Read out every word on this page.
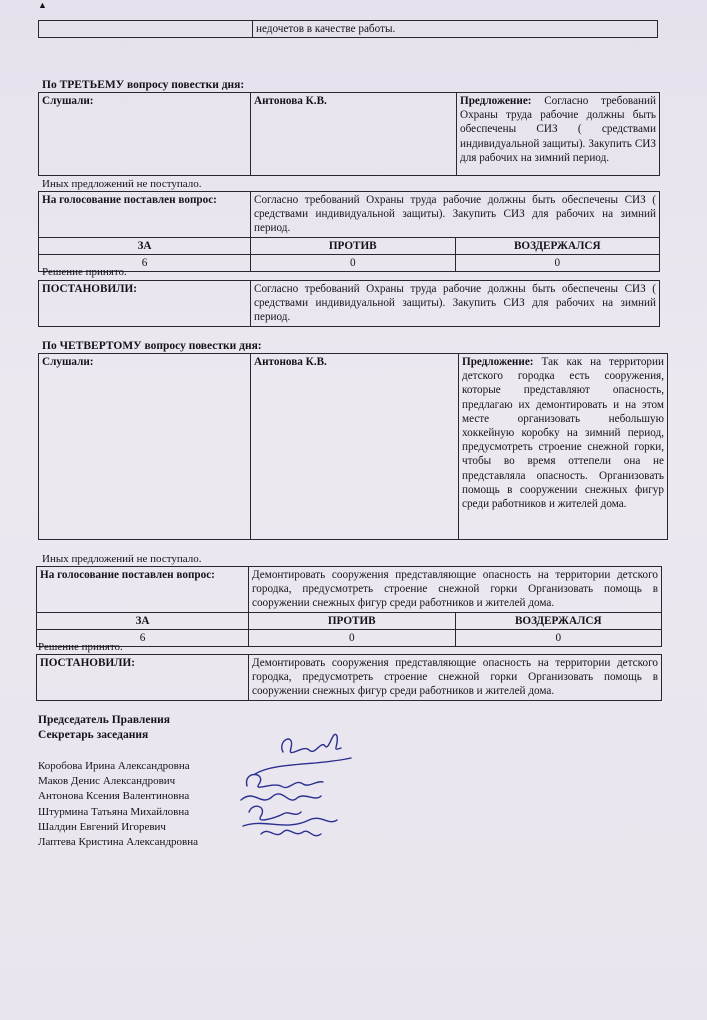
▲
	недочетов в качестве работы.
По ТРЕТЬЕМУ вопросу повестки дня:
Слушали:	Антонова К.В.	Предложение: Согласно требований Охраны труда рабочие должны быть обеспечены СИЗ ( средствами индивидуальной защиты). Закупить СИЗ для рабочих на зимний период.
Иных предложений не поступало.
На голосование поставлен вопрос:	Согласно требований Охраны труда рабочие должны быть обеспечены СИЗ ( средствами индивидуальной защиты). Закупить СИЗ для рабочих на зимний период.	
ЗА	ПРОТИВ	ВОЗДЕРЖАЛСЯ
6	0	0
Решение принято.
ПОСТАНОВИЛИ:	Согласно требований Охраны труда рабочие должны быть обеспечены СИЗ ( средствами индивидуальной защиты). Закупить СИЗ для рабочих на зимний период.
По ЧЕТВЕРТОМУ вопросу повестки дня:
Слушали:	Антонова К.В.	Предложение: Так как на территории детского городка есть сооружения, которые представляют опасность, предлагаю их демонтировать и на этом месте организовать небольшую хоккейную коробку на зимний период, предусмотреть строение снежной горки, чтобы во время оттепели она не представляла опасность. Организовать помощь в сооружении снежных фигур среди работников и жителей дома.
Иных предложений не поступало.
На голосование поставлен вопрос:	Демонтировать сооружения представляющие опасность на территории детского городка, предусмотреть строение снежной горки Организовать помощь в сооружении снежных фигур среди работников и жителей дома.	
ЗА	ПРОТИВ	ВОЗДЕРЖАЛСЯ
6	0	0
Решение принято.
ПОСТАНОВИЛИ:	Демонтировать сооружения представляющие опасность на территории детского городка, предусмотреть строение снежной горки Организовать помощь в сооружении снежных фигур среди работников и жителей дома.
Председатель Правления
Секретарь заседания
Коробова Ирина Александровна
Маков Денис Александрович
Антонова Ксения Валентиновна
Штурмина Татьяна Михайловна
Шалдин Евгений Игоревич
Лаптева Кристина Александровна
